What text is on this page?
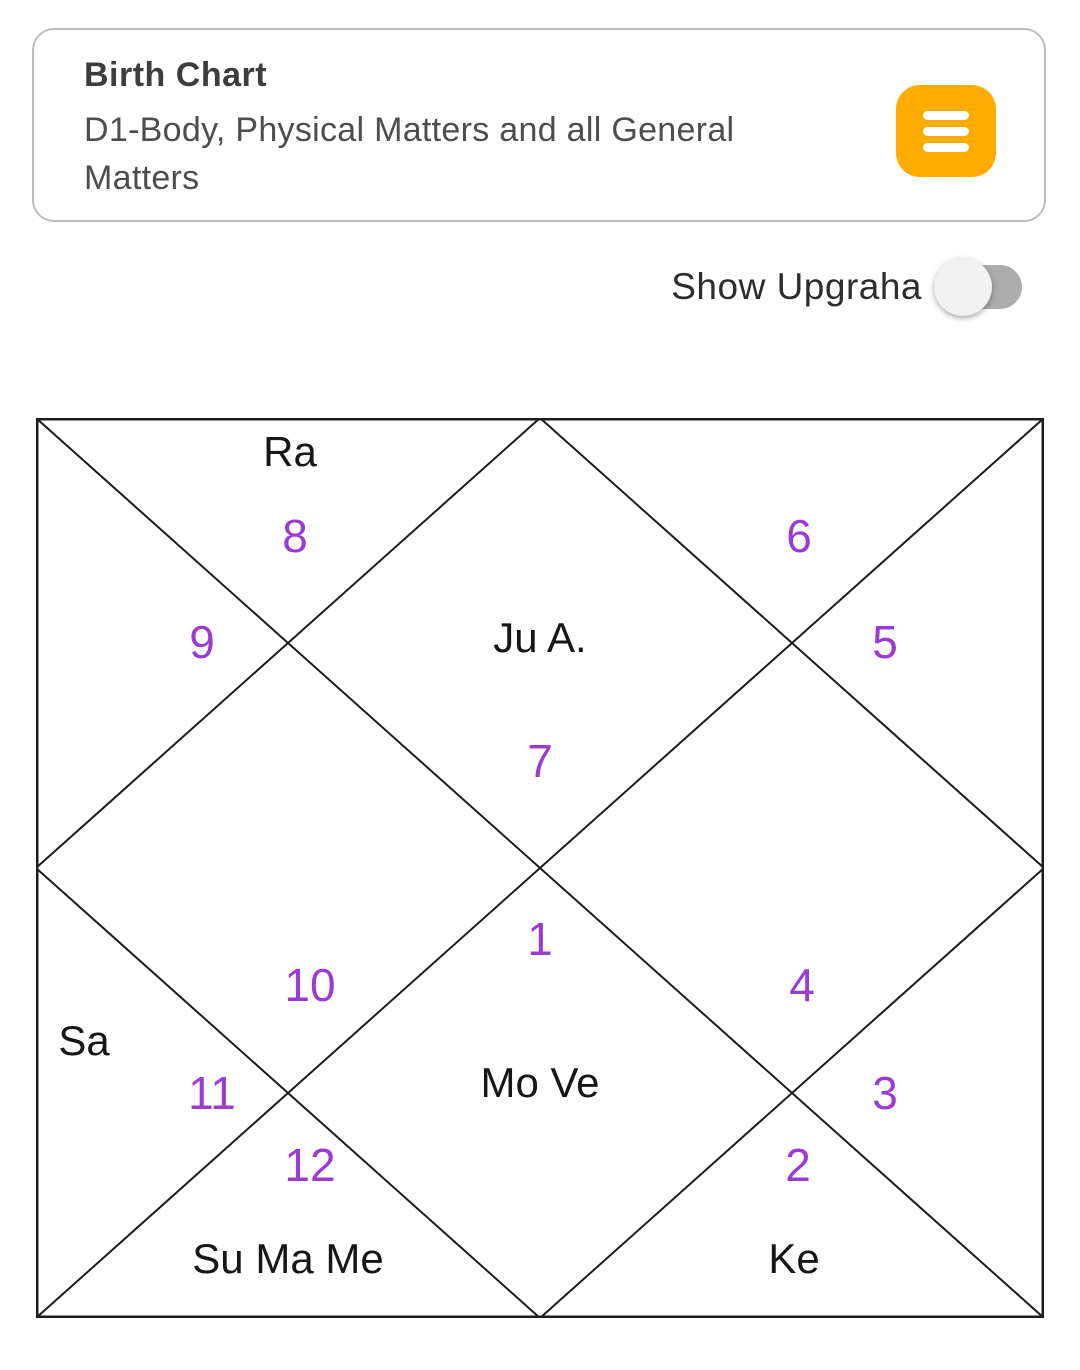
Birth Chart
D1-Body, Physical Matters and all General Matters
Show Upgraha
7
8
9
10
11
12
1
2
3
4
5
6
Ju A.
Ra
Sa
Su Ma Me
Mo Ve
Ke
